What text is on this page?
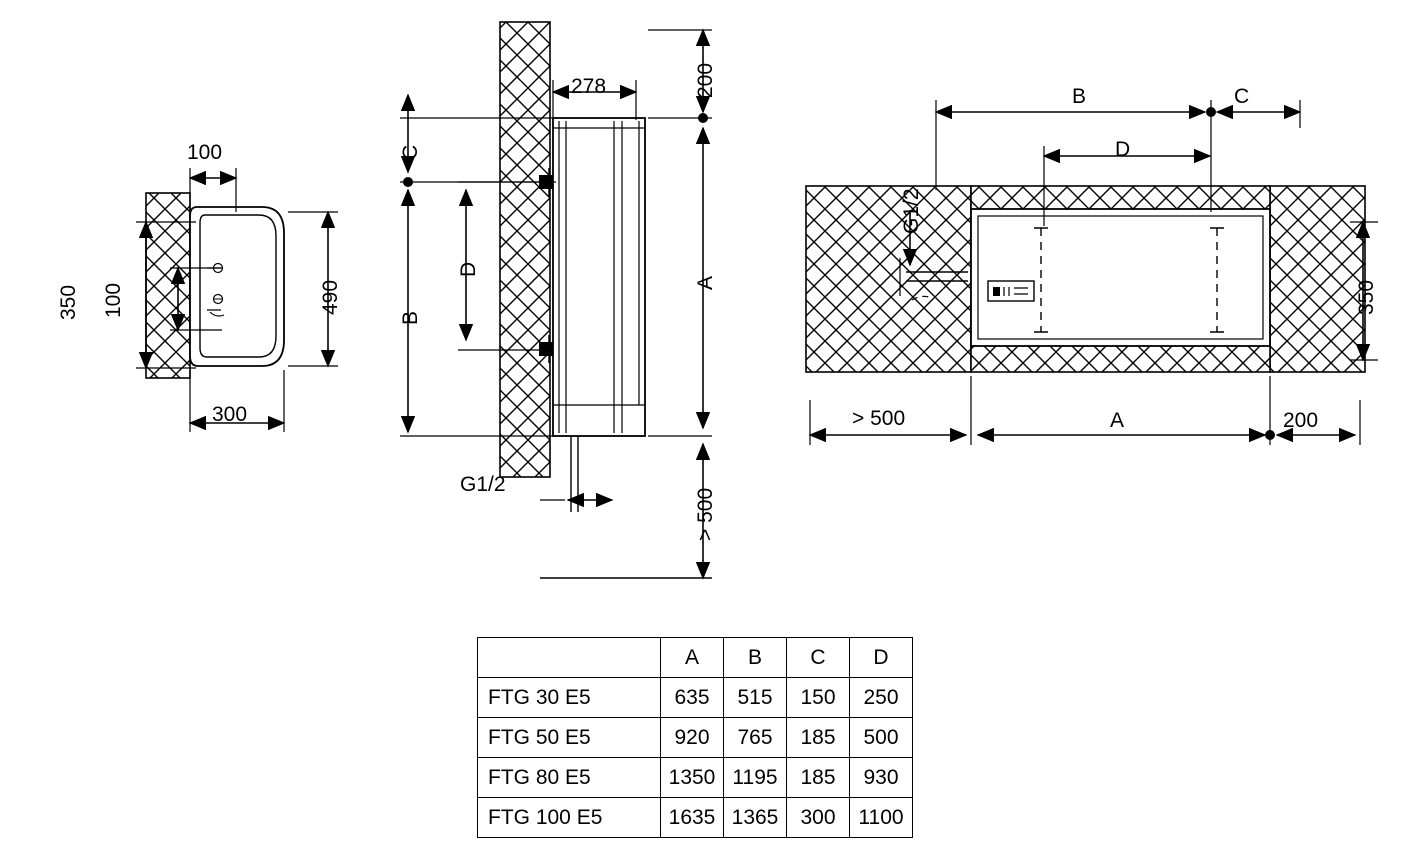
100
350 100	490
300
278	200
C
B
D
A
G1/2
> 500
B	C
D
G1/2
350
> 500	A	200
	A	B	C	D
FTG 30 E5	635	515	150	250
FTG 50 E5	920	765	185	500
FTG 80 E5	1350	1195	185	930
FTG 100 E5	1635	1365	300	1100
